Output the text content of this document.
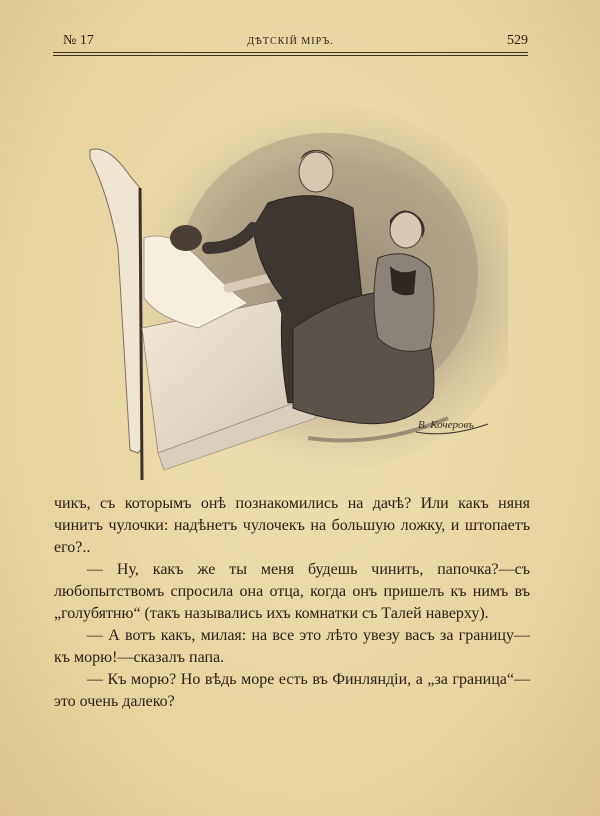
№ 17	ДѢТСКІЙ МІРЪ.	529
В. Кочеровъ

чикъ, съ которымъ онѣ познакомились на дачѣ? Или какъ няня чинитъ чулочки: надѣнетъ чулочекъ на большую ложку, и штопаетъ его?..

— Ну, какъ же ты меня будешь чинить, папочка?—съ любопытствомъ спросила она отца, когда онъ пришелъ къ нимъ въ „голубятню“ (такъ назывались ихъ комнатки съ Талей наверху).

— А вотъ какъ, милая: на все это лѣто увезу васъ за границу—къ морю!—сказалъ папа.

— Къ морю? Но вѣдь море есть въ Финляндіи, а „за граница“—это очень далеко?
